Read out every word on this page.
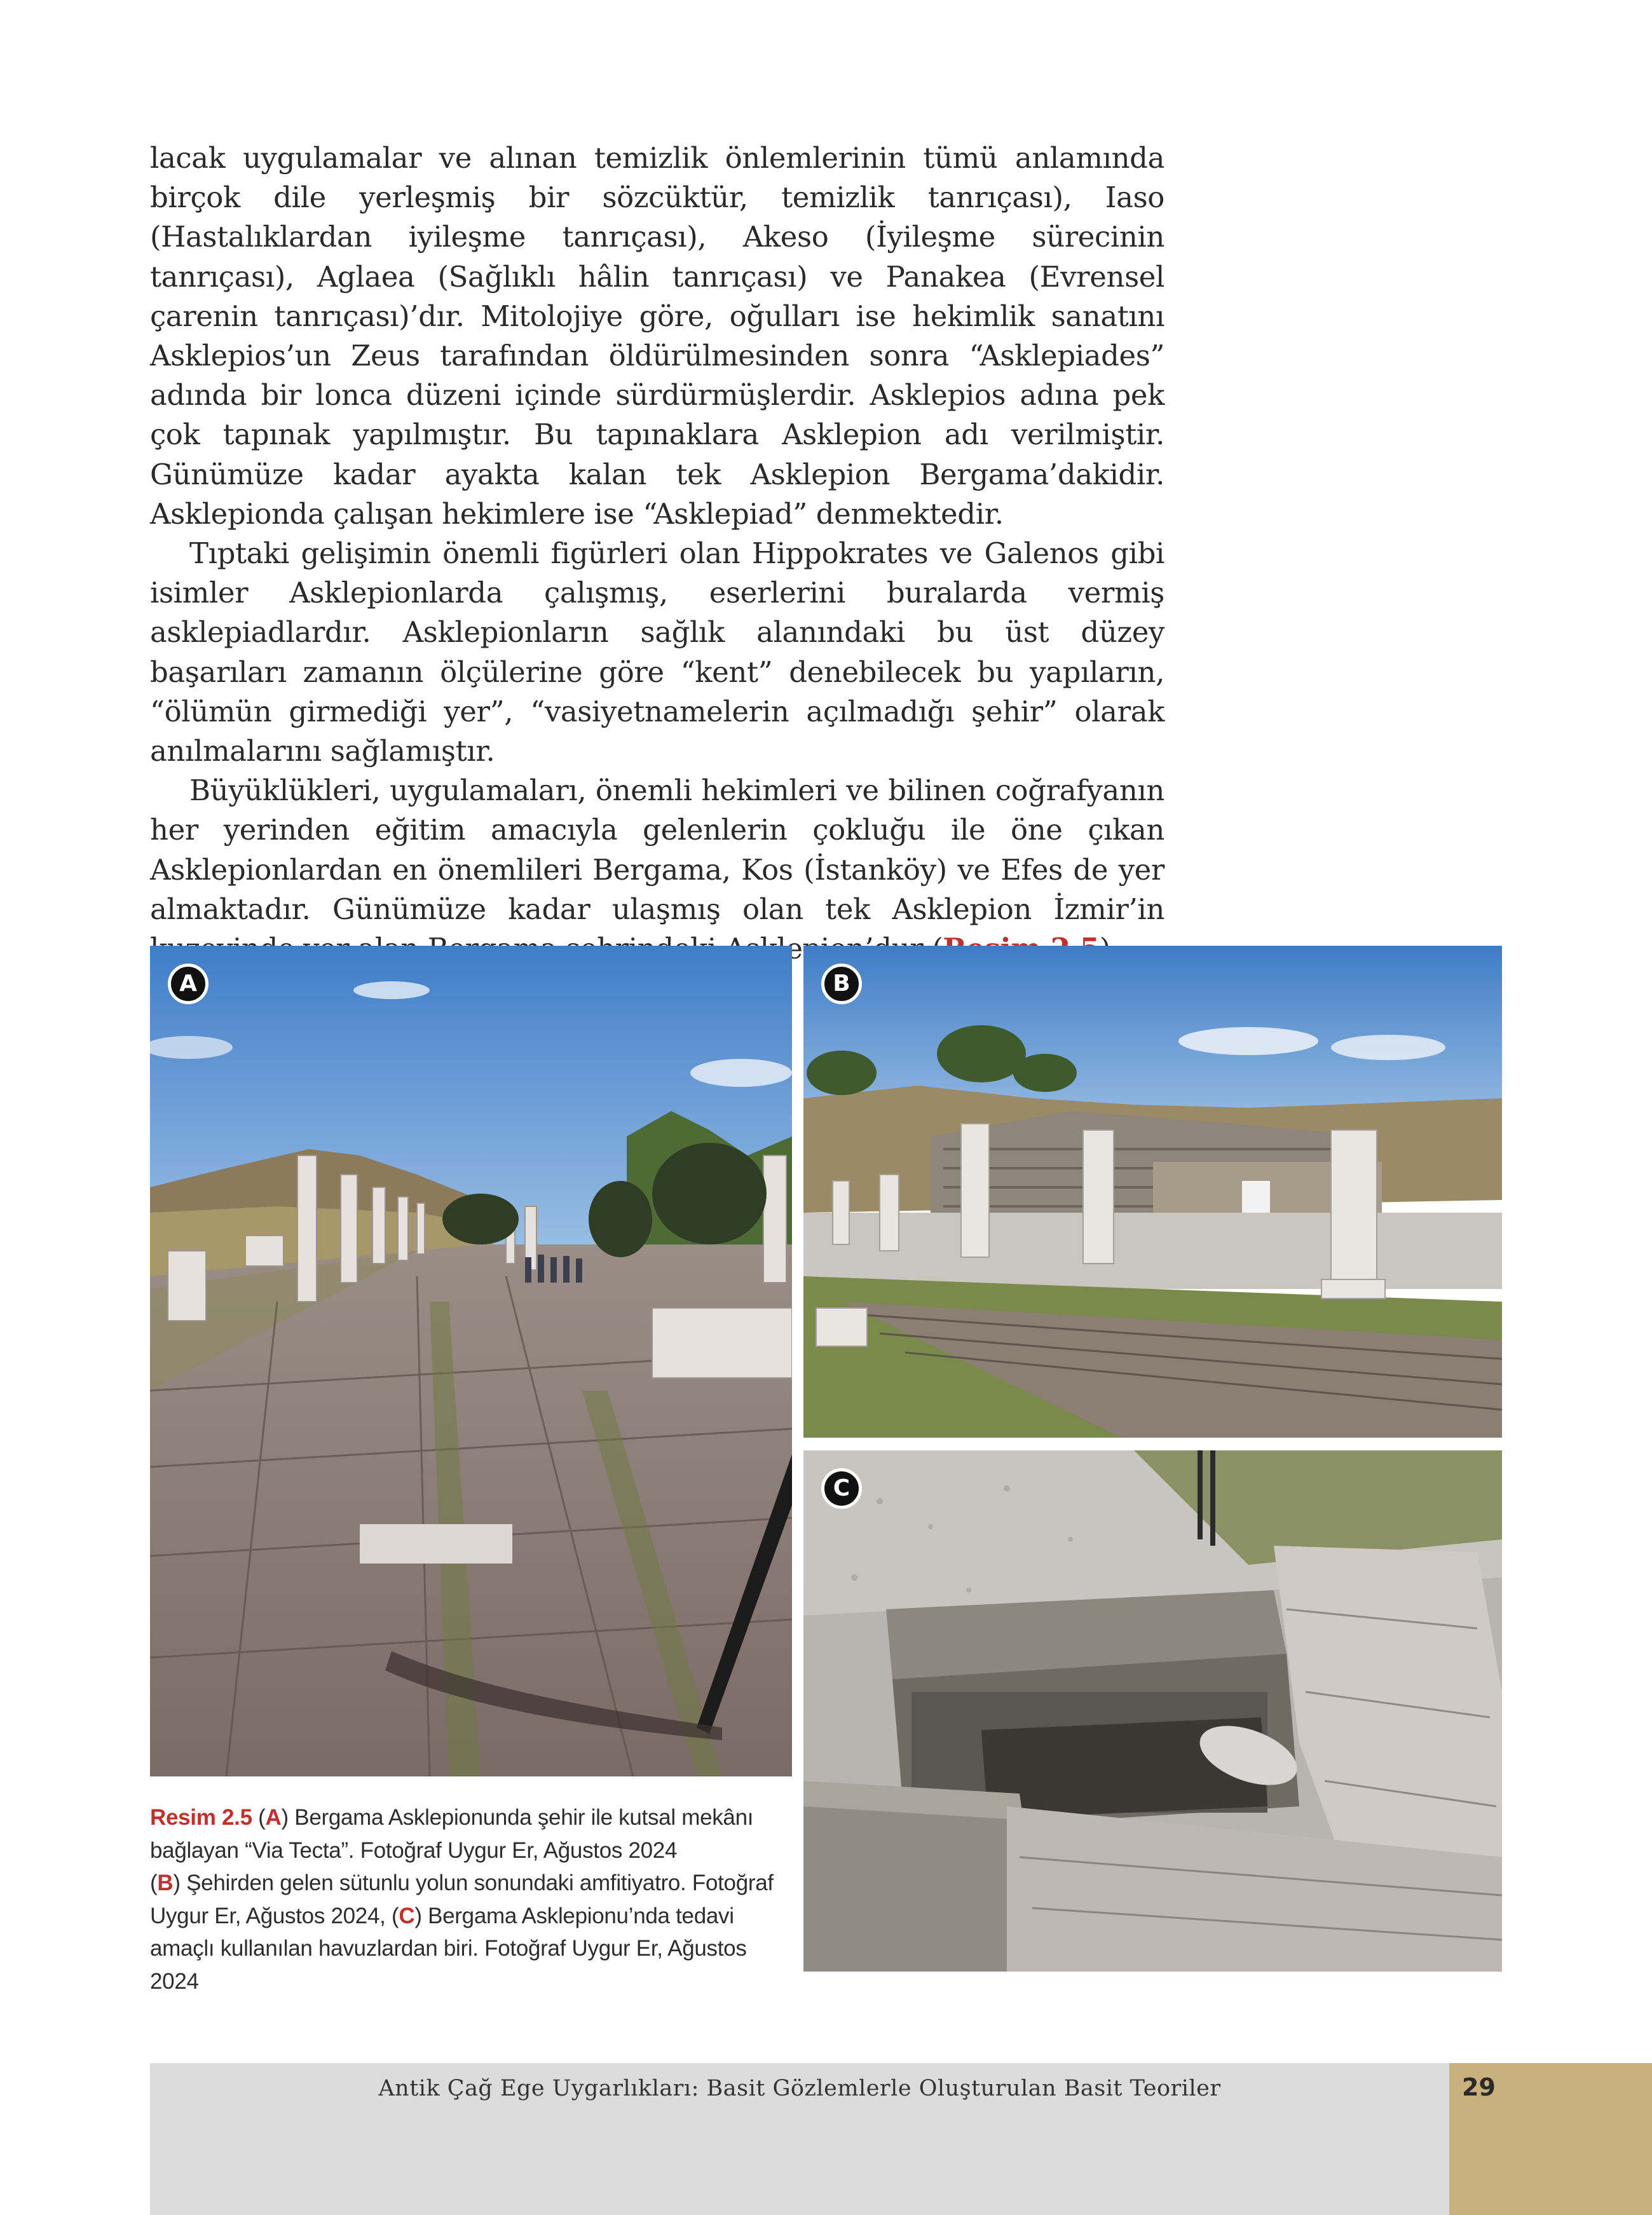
lacak uygulamalar ve alınan temizlik önlemlerinin tümü anlamında birçok dile yerleşmiş bir sözcüktür, temizlik tanrıçası), Iaso (Hastalıklardan iyileşme tanrıçası), Akeso (İyileşme sürecinin tanrıçası), Aglaea (Sağlıklı hâlin tanrıçası) ve Panakea (Evrensel çarenin tanrıçası)’dır. Mitolojiye göre, oğulları ise hekimlik sanatını Asklepios’un Zeus tarafından öldürülmesinden sonra “Asklepiades” adında bir lonca düzeni içinde sürdürmüşlerdir. Asklepios adına pek çok tapınak yapılmıştır. Bu tapınaklara Asklepion adı verilmiştir. Günümüze kadar ayakta kalan tek Asklepion Bergama’dakidir. Asklepionda çalışan hekimlere ise “Asklepiad” denmektedir.

Tıptaki gelişimin önemli figürleri olan Hippokrates ve Galenos gibi isimler Asklepionlarda çalışmış, eserlerini buralarda vermiş asklepiadlardır. Asklepionların sağlık alanındaki bu üst düzey başarıları zamanın ölçülerine göre “kent” denebilecek bu yapıların, “ölümün girmediği yer”, “vasiyetnamelerin açılmadığı şehir” olarak anılmalarını sağlamıştır.

Büyüklükleri, uygulamaları, önemli hekimleri ve bilinen coğrafyanın her yerinden eğitim amacıyla gelenlerin çokluğu ile öne çıkan Asklepionlardan en önemlileri Bergama, Kos (İstanköy) ve Efes de yer almaktadır. Günümüze kadar ulaşmış olan tek Asklepion İzmir’in

A	B
C
Resim 2.5 (A) Bergama Asklepionunda şehir ile kutsal mekânı bağlayan “Via Tecta”. Fotoğraf Uygur Er, Ağustos 2024
(B) Şehirden gelen sütunlu yolun sonundaki amfitiyatro. Fotoğraf Uygur Er, Ağustos 2024, (C) Bergama Asklepionu’nda tedavi amaçlı kullanılan havuzlardan biri. Fotoğraf Uygur Er, Ağustos 2024
Antik Çağ Ege Uygarlıkları: Basit Gözlemlerle Oluşturulan Basit Teoriler	29
